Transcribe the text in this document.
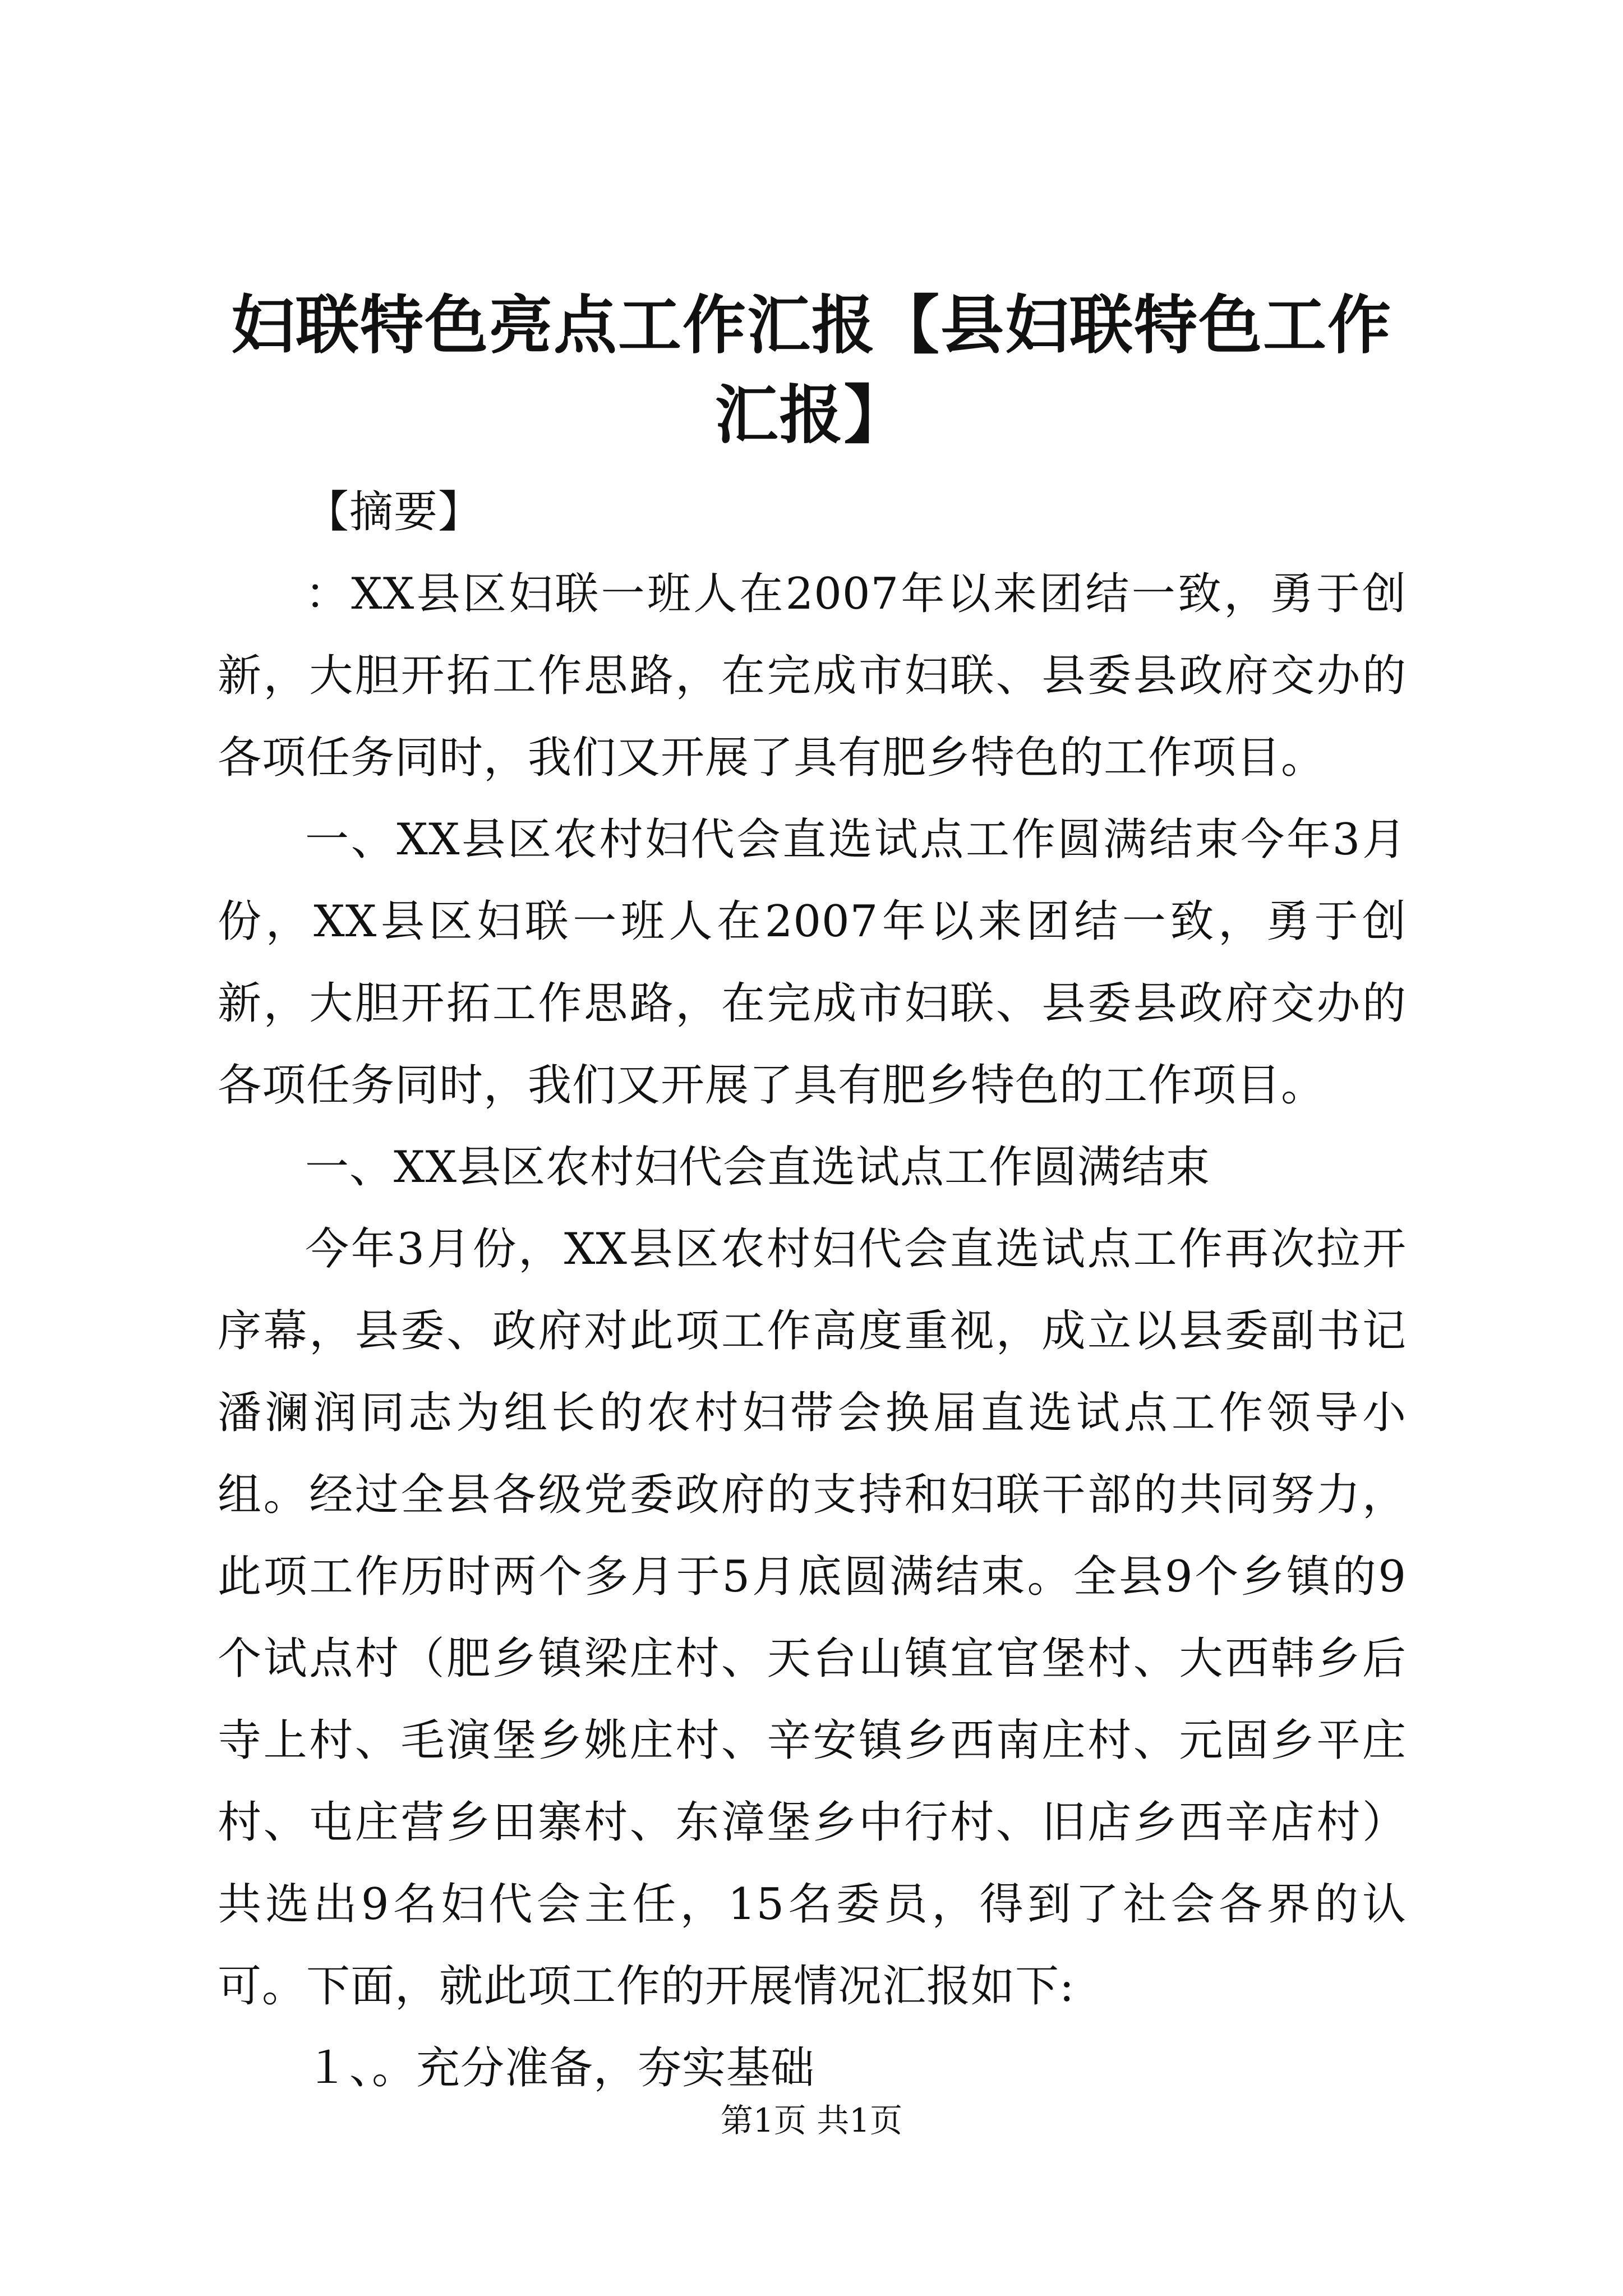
妇联特色亮点工作汇报【县妇联特色工作汇报】

【摘要】

：XX县区妇联一班人在2007年以来团结一致，勇于创新，大胆开拓工作思路，在完成市妇联、县委县政府交办的各项任务同时，我们又开展了具有肥乡特色的工作项目。

一、XX县区农村妇代会直选试点工作圆满结束今年3月份，XX县区妇联一班人在2007年以来团结一致，勇于创新，大胆开拓工作思路，在完成市妇联、县委县政府交办的各项任务同时，我们又开展了具有肥乡特色的工作项目。

一、XX县区农村妇代会直选试点工作圆满结束

今年3月份，XX县区农村妇代会直选试点工作再次拉开序幕，县委、政府对此项工作高度重视，成立以县委副书记潘澜润同志为组长的农村妇带会换届直选试点工作领导小组。经过全县各级党委政府的支持和妇联干部的共同努力，此项工作历时两个多月于5月底圆满结束。全县9个乡镇的9个试点村（肥乡镇梁庄村、天台山镇宜官堡村、大西韩乡后寺上村、毛演堡乡姚庄村、辛安镇乡西南庄村、元固乡平庄村、屯庄营乡田寨村、东漳堡乡中行村、旧店乡西辛店村）共选出9名妇代会主任，15名委员，得到了社会各界的认可。下面，就此项工作的开展情况汇报如下:

１、。充分准备，夯实基础

第1页 共1页
